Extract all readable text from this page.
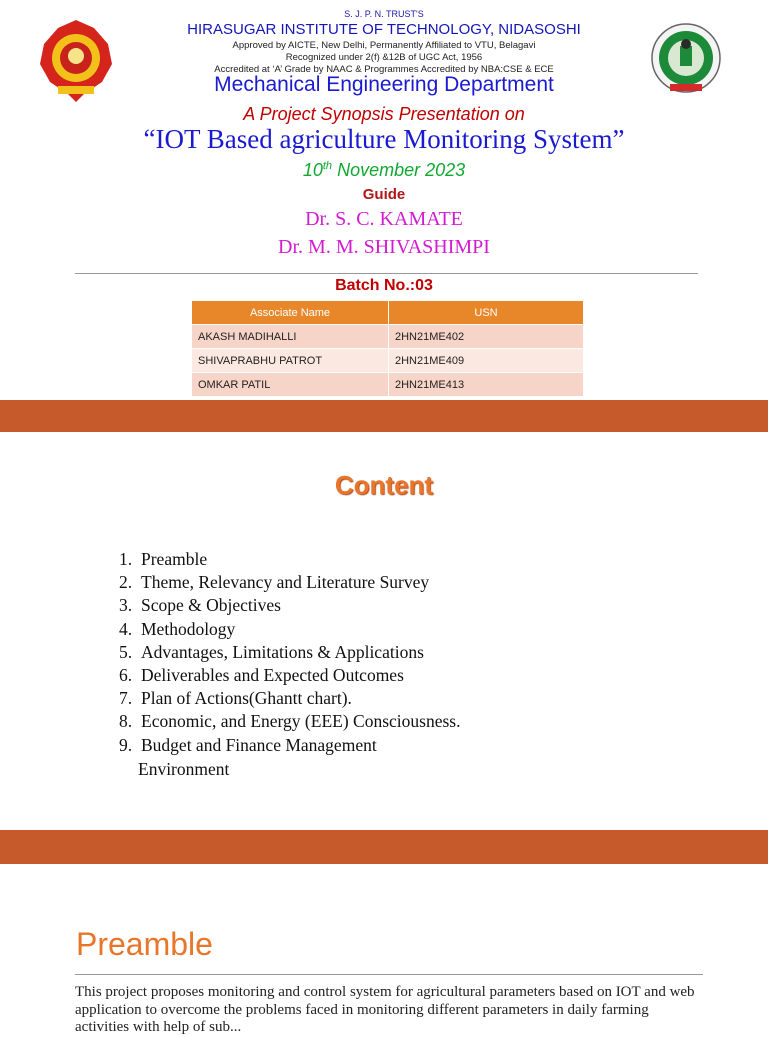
S. J. P. N. TRUST'S
HIRASUGAR INSTITUTE OF TECHNOLOGY, NIDASOSHI
Approved by AICTE, New Delhi, Permanently Affiliated to VTU, Belagavi
Recognized under 2(f) &12B of UGC Act, 1956
Accredited at ‘A’ Grade by NAAC & Programmes Accredited by NBA:CSE & ECE
Mechanical Engineering Department
A Project Synopsis Presentation on
“IOT Based agriculture Monitoring System”
10th November 2023
Guide
Dr. S. C. KAMATE
Dr. M. M. SHIVASHIMPI
Batch No.:03
Associate Name	USN
AKASH MADIHALLI	2HN21ME402
SHIVAPRABHU PATROT	2HN21ME409
OMKAR PATIL	2HN21ME413
Content
1. Preamble
2. Theme, Relevancy and Literature Survey
3. Scope & Objectives
4. Methodology
5. Advantages, Limitations & Applications
6. Deliverables and Expected Outcomes
7. Plan of Actions(Ghantt chart).
8. Economic, and Energy (EEE) Consciousness.
9. Budget and Finance Management
Environment
Preamble
This project proposes monitoring and control system for agricultural parameters based on IOT and web application to overcome the problems faced in monitoring different parameters in daily farming activities with help of sub...
